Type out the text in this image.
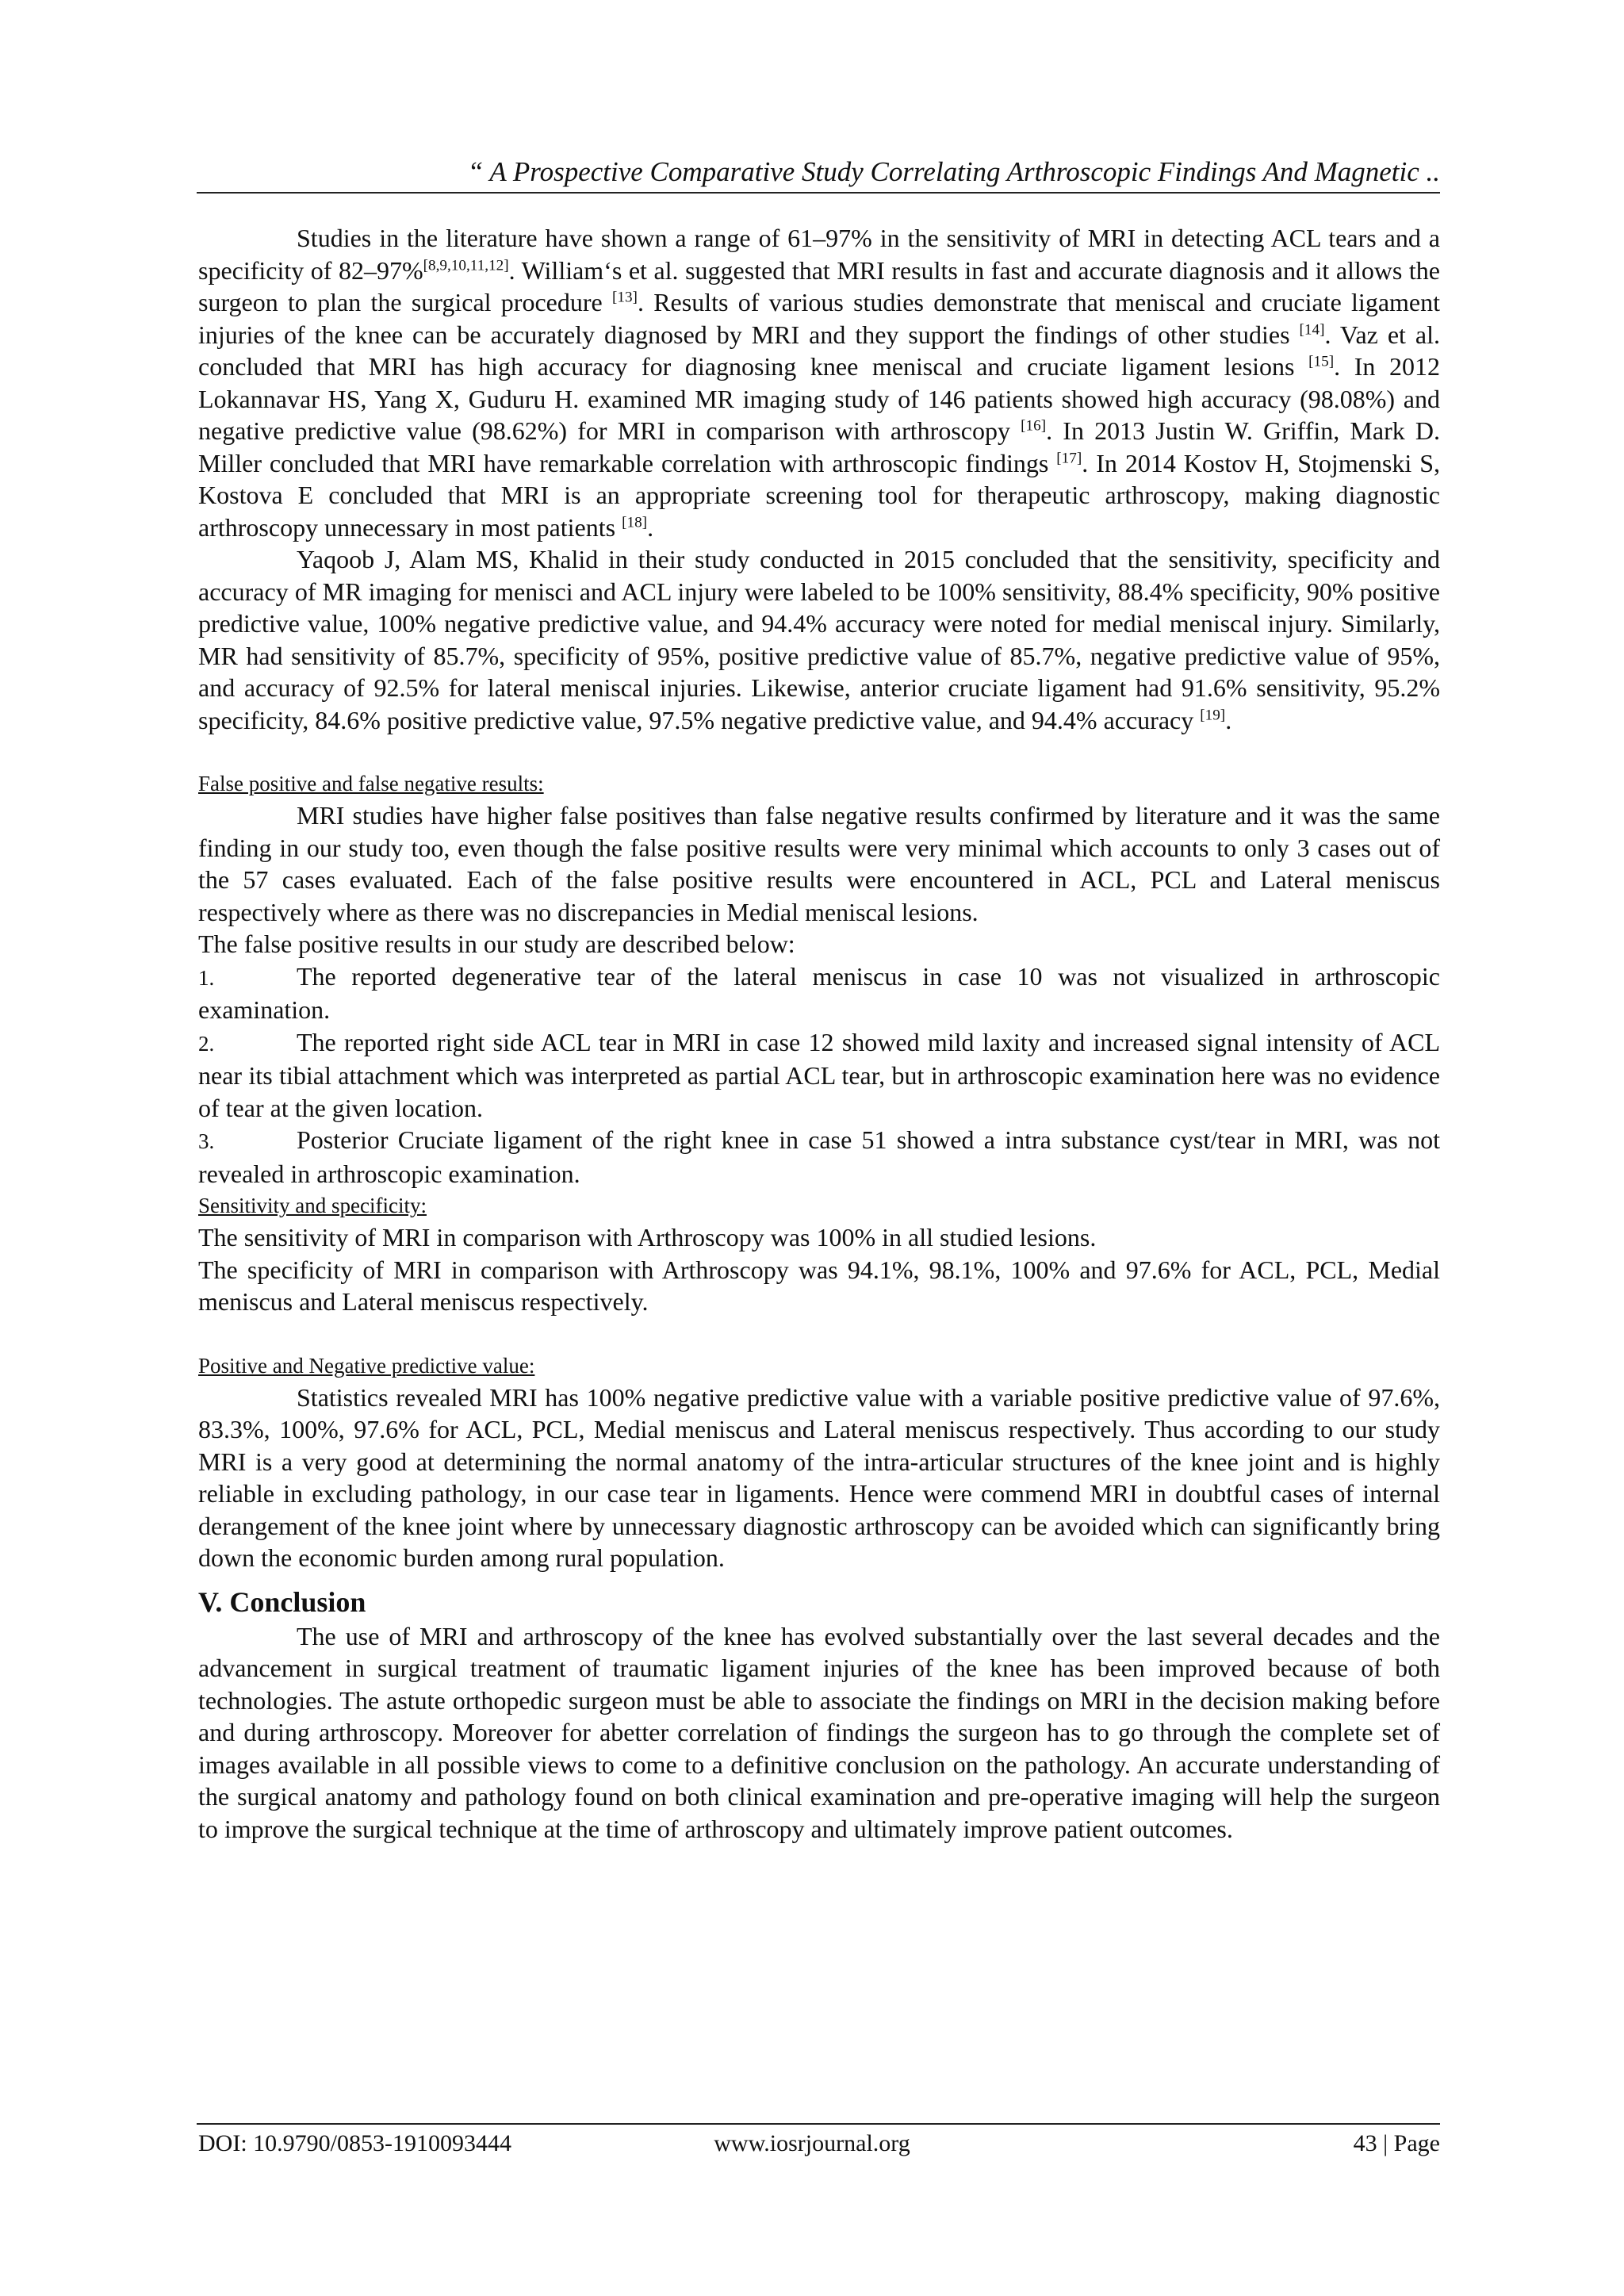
“ A Prospective Comparative Study Correlating Arthroscopic Findings And Magnetic ..

Studies in the literature have shown a range of 61–97% in the sensitivity of MRI in detecting ACL tears and a specificity of 82–97%[8,9,10,11,12]. William‘s et al. suggested that MRI results in fast and accurate diagnosis and it allows the surgeon to plan the surgical procedure [13]. Results of various studies demonstrate that meniscal and cruciate ligament injuries of the knee can be accurately diagnosed by MRI and they support the findings of other studies [14]. Vaz et al. concluded that MRI has high accuracy for diagnosing knee meniscal and cruciate ligament lesions [15]. In 2012 Lokannavar HS, Yang X, Guduru H. examined MR imaging study of 146 patients showed high accuracy (98.08%) and negative predictive value (98.62%) for MRI in comparison with arthroscopy [16]. In 2013 Justin W. Griffin, Mark D. Miller concluded that MRI have remarkable correlation with arthroscopic findings [17]. In 2014 Kostov H, Stojmenski S, Kostova E concluded that MRI is an appropriate screening tool for therapeutic arthroscopy, making diagnostic arthroscopy unnecessary in most patients [18].

Yaqoob J, Alam MS, Khalid in their study conducted in 2015 concluded that the sensitivity, specificity and accuracy of MR imaging for menisci and ACL injury were labeled to be 100% sensitivity, 88.4% specificity, 90% positive predictive value, 100% negative predictive value, and 94.4% accuracy were noted for medial meniscal injury. Similarly, MR had sensitivity of 85.7%, specificity of 95%, positive predictive value of 85.7%, negative predictive value of 95%, and accuracy of 92.5% for lateral meniscal injuries. Likewise, anterior cruciate ligament had 91.6% sensitivity, 95.2% specificity, 84.6% positive predictive value, 97.5% negative predictive value, and 94.4% accuracy [19].

False positive and false negative results:

MRI studies have higher false positives than false negative results confirmed by literature and it was the same finding in our study too, even though the false positive results were very minimal which accounts to only 3 cases out of the 57 cases evaluated. Each of the false positive results were encountered in ACL, PCL and Lateral meniscus respectively where as there was no discrepancies in Medial meniscal lesions.

The false positive results in our study are described below:

1.	The reported degenerative tear of the lateral meniscus in case 10 was not visualized in arthroscopic examination.

2.	The reported right side ACL tear in MRI in case 12 showed mild laxity and increased signal intensity of ACL near its tibial attachment which was interpreted as partial ACL tear, but in arthroscopic examination here was no evidence of tear at the given location.

3.	Posterior Cruciate ligament of the right knee in case 51 showed a intra substance cyst/tear in MRI, was not revealed in arthroscopic examination.

Sensitivity and specificity:

The sensitivity of MRI in comparison with Arthroscopy was 100% in all studied lesions.

The specificity of MRI in comparison with Arthroscopy was 94.1%, 98.1%, 100% and 97.6% for ACL, PCL, Medial meniscus and Lateral meniscus respectively.

Positive and Negative predictive value:

Statistics revealed MRI has 100% negative predictive value with a variable positive predictive value of 97.6%, 83.3%, 100%, 97.6% for ACL, PCL, Medial meniscus and Lateral meniscus respectively. Thus according to our study MRI is a very good at determining the normal anatomy of the intra-articular structures of the knee joint and is highly reliable in excluding pathology, in our case tear in ligaments. Hence were commend MRI in doubtful cases of internal derangement of the knee joint where by unnecessary diagnostic arthroscopy can be avoided which can significantly bring down the economic burden among rural population.

V. Conclusion

The use of MRI and arthroscopy of the knee has evolved substantially over the last several decades and the advancement in surgical treatment of traumatic ligament injuries of the knee has been improved because of both technologies. The astute orthopedic surgeon must be able to associate the findings on MRI in the decision making before and during arthroscopy. Moreover for abetter correlation of findings the surgeon has to go through the complete set of images available in all possible views to come to a definitive conclusion on the pathology. An accurate understanding of the surgical anatomy and pathology found on both clinical examination and pre-operative imaging will help the surgeon to improve the surgical technique at the time of arthroscopy and ultimately improve patient outcomes.

www.iosrjournal.org
DOI: 10.9790/0853-1910093444	43 | Page
